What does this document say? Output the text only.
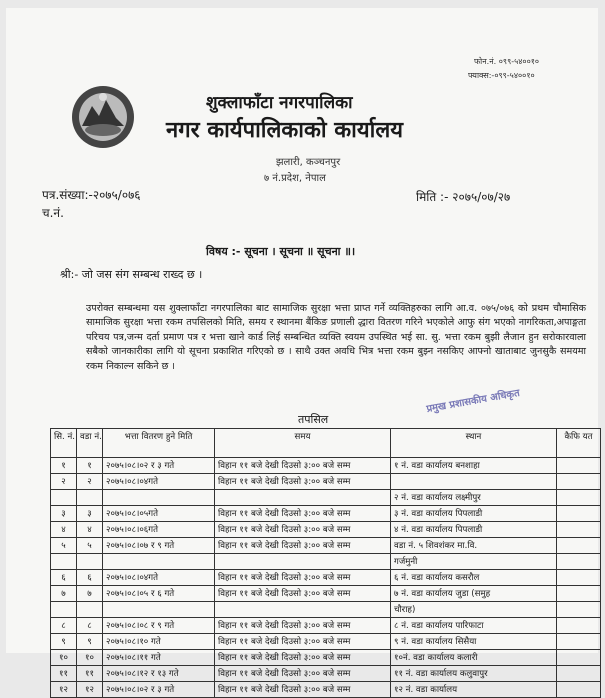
फोन.नं. ०९९-५४००१०
फ्याक्स:-०९९-५४००१०
शुक्लाफाँटा नगरपालिका
नगर कार्यपालिकाको कार्यालय
झलारी, कञ्चनपुर
७ नं.प्रदेश, नेपाल
पत्र.संख्या:-२०७५/०७६
च.नं.
मिति :- २०७५/०७/२७
विषय :- सूचना । सूचना ॥ सूचना ॥।
श्री:- जो जस संग सम्बन्ध राख्द छ ।
उपरोक्त सम्बन्धमा यस शुक्लाफाँटा नगरपालिका बाट सामाजिक सुरक्षा भत्ता प्राप्त गर्ने व्यक्तिहरुका लागि आ.व. ०७५/०७६ को प्रथम चौमासिक सामाजिक सुरक्षा भत्ता रकम तपसिलको मिति, समय र स्थानमा बैंकिङ प्रणाली द्धारा वितरण गरिने भएकोले आफु संग भएको नागरिकता,अपाङ्गता परिचय पत्र,जन्म दर्ता प्रमाण पत्र र भत्ता खाने कार्ड लिई सम्बन्धित व्यक्ति स्वयम उपस्थित भई सा. सु. भत्ता रकम बुझी लैजान हुन सरोकारवाला सबैको जानकारीका लागि यो सूचना प्रकाशित गरिएको छ । साथै उक्त अवधि भित्र भत्ता रकम बुझ्न नसकिए आफ्नो खाताबाट जुनसुकै समयमा रकम निकाल्न सकिने छ ।
प्रमुख प्रशासकीय अधिकृत
तपसिल
सि. नं.	वडा नं.	भत्ता वितरण हुने मिति	समय	स्थान	कैफि यत
१	१	२०७५।०८।०२ र ३ गते	विहान ११ बजे देखी दिउसो ३:०० बजे सम्म	१ नं. वडा कार्यालय बनशाहा	
२	२	२०७५।०८।०४गते	विहान ११ बजे देखी दिउसो ३:०० बजे सम्म		
				२ नं. वडा कार्यालय लक्ष्मीपुर	
३	३	२०७५।०८।०५गते	विहान ११ बजे देखी दिउसो ३:०० बजे सम्म	३ नं. वडा कार्यालय पिपलाडी	
४	४	२०७५।०८।०६गते	विहान ११ बजे देखी दिउसो ३:०० बजे सम्म	४ नं. वडा कार्यालय पिपलाडी	
५	५	२०७५।०८।०७ र ९ गते	विहान ११ बजे देखी दिउसो ३:०० बजे सम्म	वडा नं. ५ शिवशंकर मा.वि.	
				गर्जमुनी	
६	६	२०७५।०८।०४गते	विहान ११ बजे देखी दिउसो ३:०० बजे सम्म	६ नं. वडा कार्यालय कसरौल	
७	७	२०७५।०८।०५ र ६ गते	विहान ११ बजे देखी दिउसो ३:०० बजे सम्म	७ नं. वडा कार्यालय जुडा (समुह	
				चौराह)	
८	८	२०७५।०८।०८ र ९ गते	विहान ११ बजे देखी दिउसो ३:०० बजे सम्म	८ नं. वडा कार्यालय पारिफाटा	
९	९	२०७५।०८।१० गते	विहान ११ बजे देखी दिउसो ३:०० बजे सम्म	९ नं. वडा कार्यालय सिसैया	
१०	१०	२०७५।०८।११ गते	विहान ११ बजे देखी दिउसो ३:०० बजे सम्म	१०नं. वडा कार्यालय कलारी	
११	११	२०७५।०८।१२ र १३ गते	विहान ११ बजे देखी दिउसो ३:०० बजे सम्म	११ नं. वडा कार्यालय कलुवापुर	
१२	१२	२०७५।०८।०२ र ३ गते	विहान ११ बजे देखी दिउसो ३:०० बजे सम्म	१२ नं. वडा कार्यालय	
